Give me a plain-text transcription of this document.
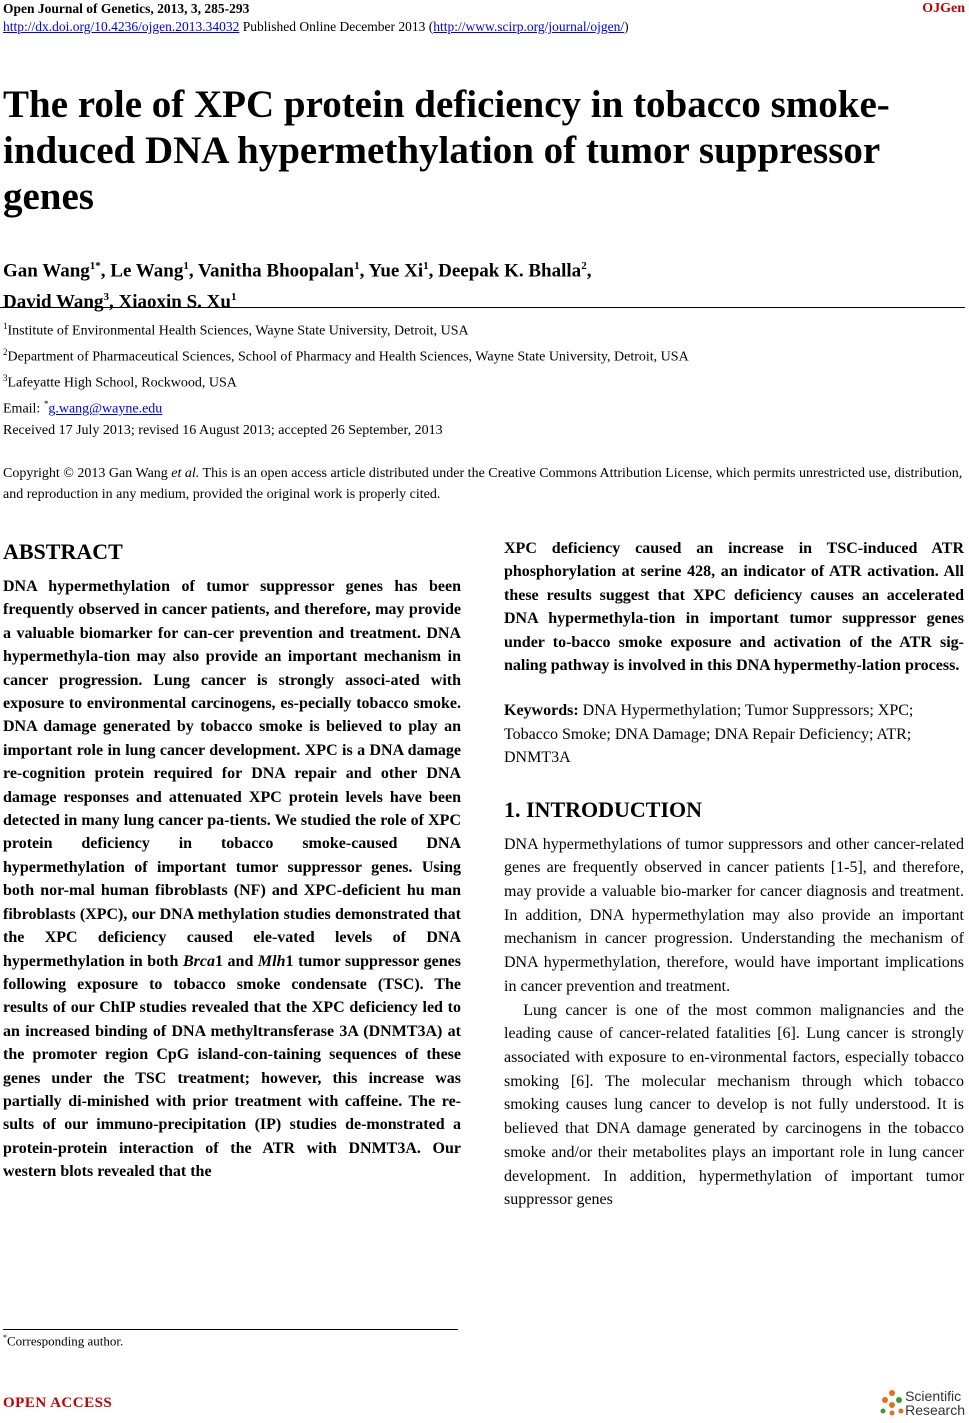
Open Journal of Genetics, 2013, 3, 285-293	OJGen
http://dx.doi.org/10.4236/ojgen.2013.34032 Published Online December 2013 (http://www.scirp.org/journal/ojgen/)
The role of XPC protein deficiency in tobacco smoke-induced DNA hypermethylation of tumor suppressor genes
Gan Wang$^{1*}$, Le Wang$^1$, Vanitha Bhoopalan$^1$, Yue Xi$^1$, Deepak K. Bhalla$^2$,
David Wang$^3$, Xiaoxin S. Xu$^1$
$^1$Institute of Environmental Health Sciences, Wayne State University, Detroit, USA
$^2$Department of Pharmaceutical Sciences, School of Pharmacy and Health Sciences, Wayne State University, Detroit, USA
$^3$Lafeyatte High School, Rockwood, USA
Email: *g.wang@wayne.edu
Received 17 July 2013; revised 16 August 2013; accepted 26 September, 2013
Copyright © 2013 Gan Wang et al. This is an open access article distributed under the Creative Commons Attribution License, which permits unrestricted use, distribution, and reproduction in any medium, provided the original work is properly cited.
ABSTRACT
DNA hypermethylation of tumor suppressor genes has been frequently observed in cancer patients, and therefore, may provide a valuable biomarker for can-cer prevention and treatment. DNA hypermethyla-tion may also provide an important mechanism in cancer progression. Lung cancer is strongly associ-ated with exposure to environmental carcinogens, es-pecially tobacco smoke. DNA damage generated by tobacco smoke is believed to play an important role in lung cancer development. XPC is a DNA damage re-cognition protein required for DNA repair and other DNA damage responses and attenuated XPC protein levels have been detected in many lung cancer pa-tients. We studied the role of XPC protein deficiency in tobacco smoke-caused DNA hypermethylation of important tumor suppressor genes. Using both nor-mal human fibroblasts (NF) and XPC-deficient hu man fibroblasts (XPC), our DNA methylation studies demonstrated that the XPC deficiency caused ele-vated levels of DNA hypermethylation in both Brca1 and Mlh1 tumor suppressor genes following exposure to tobacco smoke condensate (TSC). The results of our ChIP studies revealed that the XPC deficiency led to an increased binding of DNA methyltransferase 3A (DNMT3A) at the promoter region CpG island-con-taining sequences of these genes under the TSC treatment; however, this increase was partially di-minished with prior treatment with caffeine. The re-sults of our immuno-precipitation (IP) studies de-monstrated a protein-protein interaction of the ATR with DNMT3A. Our western blots revealed that the
XPC deficiency caused an increase in TSC-induced ATR phosphorylation at serine 428, an indicator of ATR activation. All these results suggest that XPC deficiency causes an accelerated DNA hypermethyla-tion in important tumor suppressor genes under to-bacco smoke exposure and activation of the ATR sig-naling pathway is involved in this DNA hypermethy-lation process.
Keywords: DNA Hypermethylation; Tumor Suppressors; XPC; Tobacco Smoke; DNA Damage; DNA Repair Deficiency; ATR; DNMT3A
1. INTRODUCTION

DNA hypermethylations of tumor suppressors and other cancer-related genes are frequently observed in cancer patients [1-5], and therefore, may provide a valuable bio-marker for cancer diagnosis and treatment. In addition, DNA hypermethylation may also provide an important mechanism in cancer progression. Understanding the mechanism of DNA hypermethylation, therefore, would have important implications in cancer prevention and treatment.

Lung cancer is one of the most common malignancies and the leading cause of cancer-related fatalities [6]. Lung cancer is strongly associated with exposure to en-vironmental factors, especially tobacco smoking [6]. The molecular mechanism through which tobacco smoking causes lung cancer to develop is not fully understood. It is believed that DNA damage generated by carcinogens in the tobacco smoke and/or their metabolites plays an important role in lung cancer development. In addition, hypermethylation of important tumor suppressor genes

*Corresponding author.
OPEN ACCESS	Scientific
Research
